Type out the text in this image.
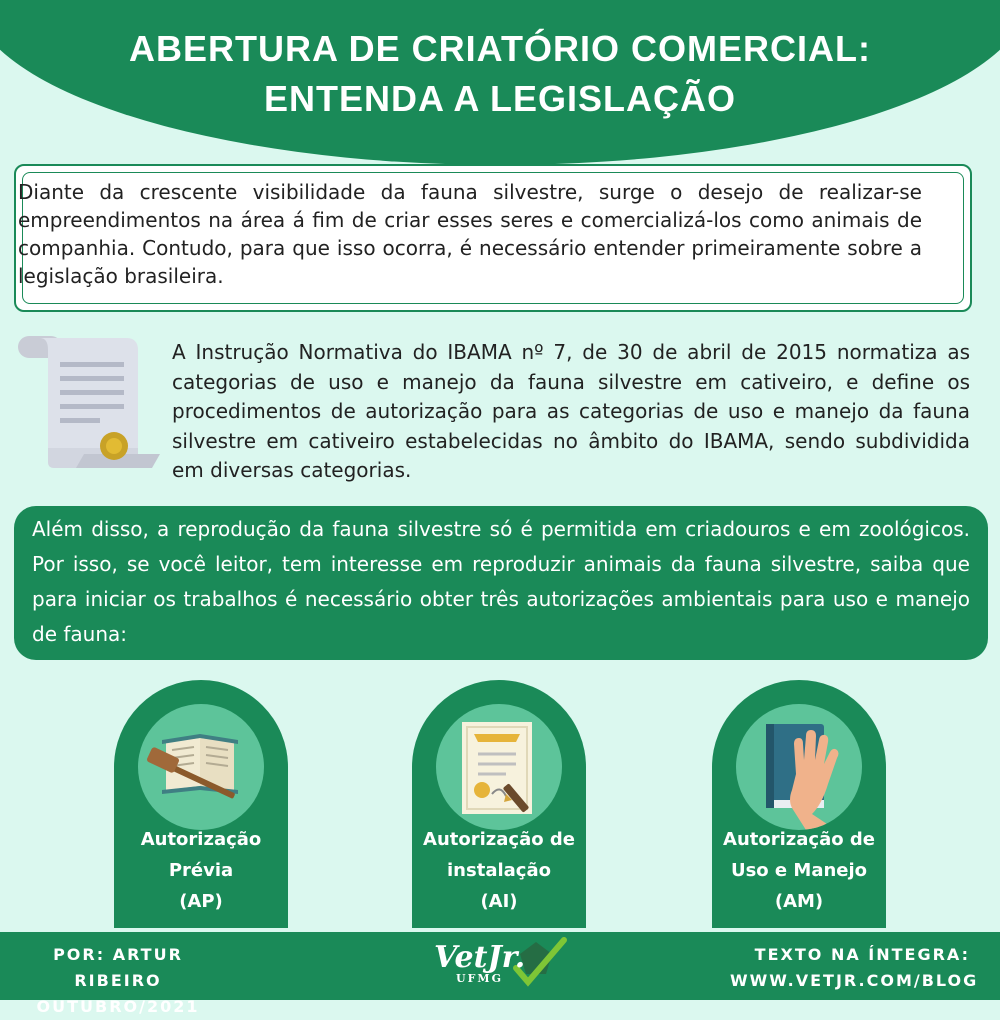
ABERTURA DE CRIATÓRIO COMERCIAL:
ENTENDA A LEGISLAÇÃO

Diante da crescente visibilidade da fauna silvestre, surge o desejo de realizar-se empreendimentos na área á fim de criar esses seres e comercializá-los como animais de companhia. Contudo, para que isso ocorra, é necessário entender primeiramente sobre a legislação brasileira.

A Instrução Normativa do IBAMA nº 7, de 30 de abril de 2015 normatiza as categorias de uso e manejo da fauna silvestre em cativeiro, e define os procedimentos de autorização para as categorias de uso e manejo da fauna silvestre em cativeiro estabelecidas no âmbito do IBAMA, sendo subdividida em diversas categorias.

Além disso, a reprodução da fauna silvestre só é permitida em criadouros e em zoológicos. Por isso, se você leitor, tem interesse em reproduzir animais da fauna silvestre, saiba que para iniciar os trabalhos é necessário obter três autorizações ambientais para uso e manejo de fauna:

Autorização
Prévia
(AP)
Autorização de
instalação
(AI)
Autorização de
Uso e Manejo
(AM)
POR: ARTUR RIBEIRO
OUTUBRO/2021
TEXTO NA ÍNTEGRA:
WWW.VETJR.COM/BLOG
VetJr.
UFMG
